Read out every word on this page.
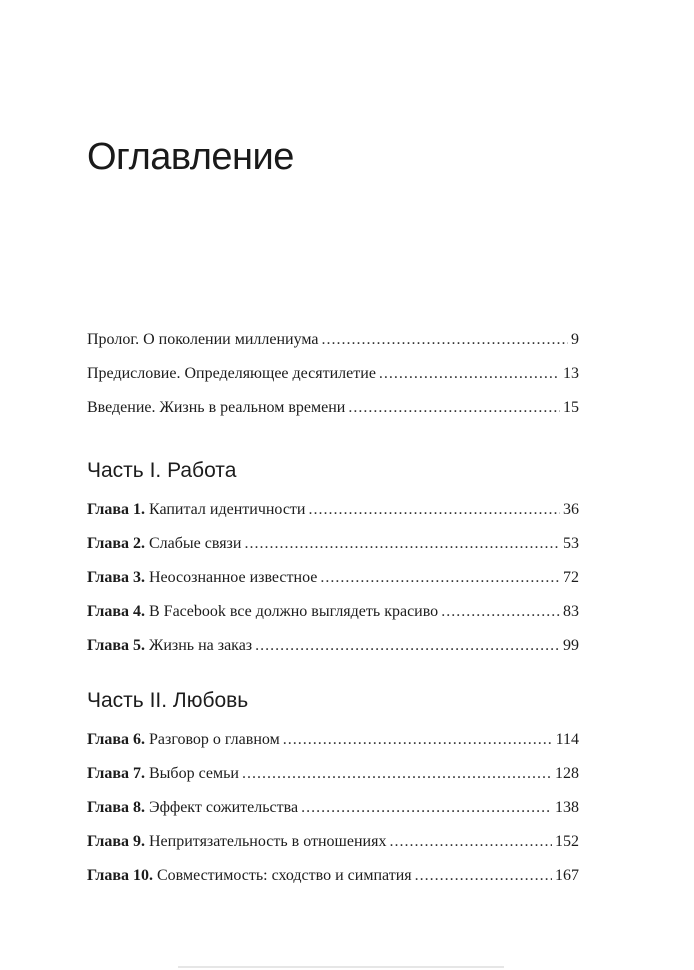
Оглавление
Пролог. О поколении миллениума . . .	9
Предисловие. Определяющее десятилетие . . .	13
Введение. Жизнь в реальном времени . . .	15
Часть I. Работа
Глава 1. Капитал идентичности . . .	36
Глава 2. Слабые связи . . .	53
Глава 3. Неосознанное известное . . .	72
Глава 4. В Facebook все должно выглядеть красиво . . .	83
Глава 5. Жизнь на заказ . . .	99
Часть II. Любовь
Глава 6. Разговор о главном . . .	114
Глава 7. Выбор семьи . . .	128
Глава 8. Эффект сожительства . . .	138
Глава 9. Непритязательность в отношениях . . .	152
Глава 10. Совместимость: сходство и симпатия . . .	167
